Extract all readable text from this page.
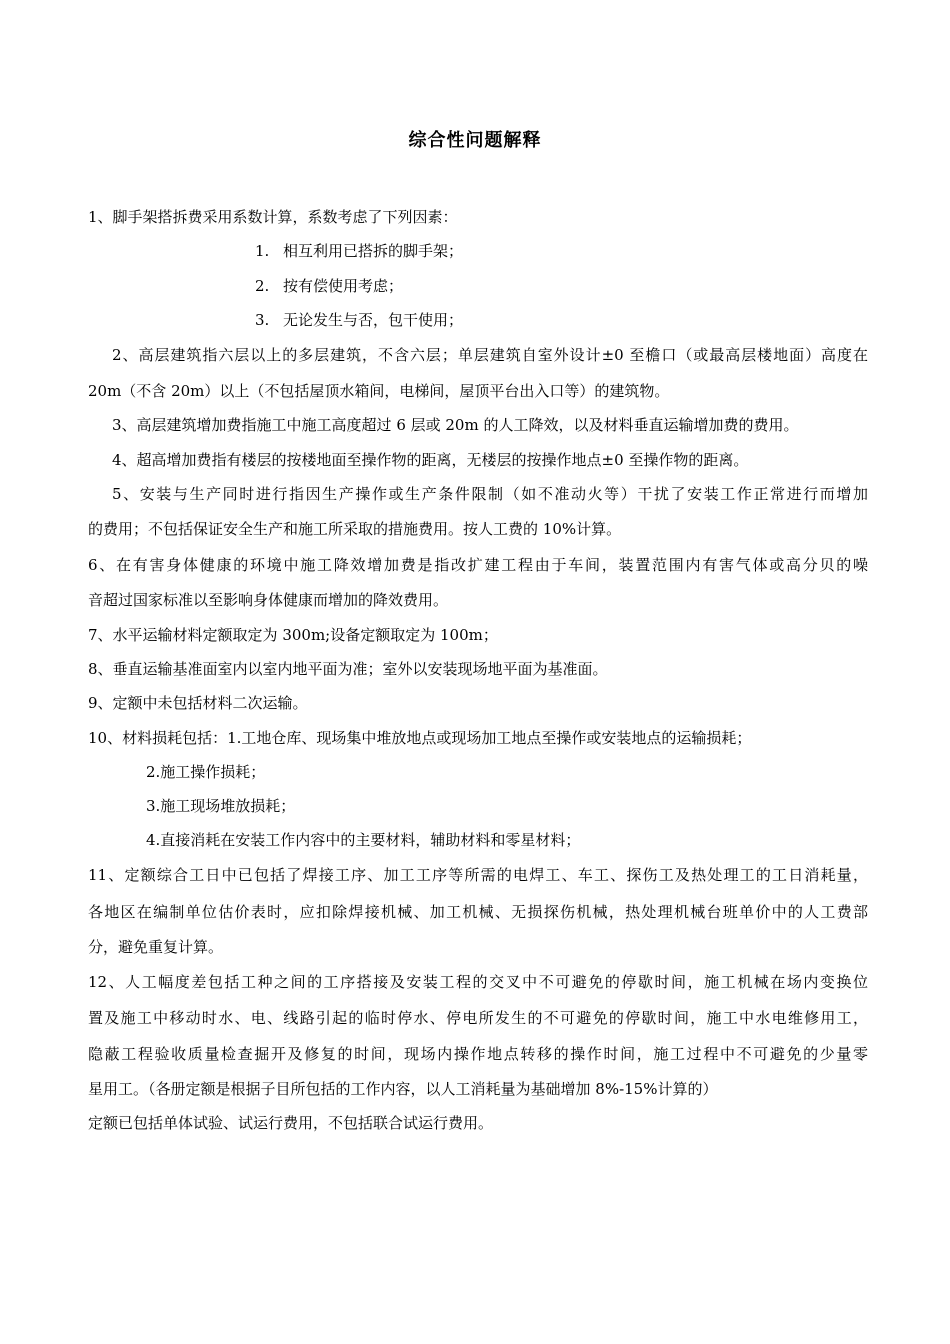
综合性问题解释
1、脚手架搭拆费采用系数计算，系数考虑了下列因素：
1. 相互利用已搭拆的脚手架；
2. 按有偿使用考虑；
3. 无论发生与否，包干使用；
2、高层建筑指六层以上的多层建筑，不含六层；单层建筑自室外设计±0 至檐口（或最高层楼地面）高度在
20m（不含 20m）以上（不包括屋顶水箱间，电梯间，屋顶平台出入口等）的建筑物。
3、高层建筑增加费指施工中施工高度超过 6 层或 20m 的人工降效，以及材料垂直运输增加费的费用。
4、超高增加费指有楼层的按楼地面至操作物的距离，无楼层的按操作地点±0 至操作物的距离。
5、安装与生产同时进行指因生产操作或生产条件限制（如不准动火等）干扰了安装工作正常进行而增加
的费用；不包括保证安全生产和施工所采取的措施费用。按人工费的 10%计算。
6、在有害身体健康的环境中施工降效增加费是指改扩建工程由于车间，装置范围内有害气体或高分贝的噪
音超过国家标准以至影响身体健康而增加的降效费用。
7、水平运输材料定额取定为 300m;设备定额取定为 100m；
8、垂直运输基准面室内以室内地平面为准；室外以安装现场地平面为基准面。
9、定额中未包括材料二次运输。
10、材料损耗包括：1.工地仓库、现场集中堆放地点或现场加工地点至操作或安装地点的运输损耗；
2.施工操作损耗；
3.施工现场堆放损耗；
4.直接消耗在安装工作内容中的主要材料，辅助材料和零星材料；
11、定额综合工日中已包括了焊接工序、加工工序等所需的电焊工、车工、探伤工及热处理工的工日消耗量，
各地区在编制单位估价表时，应扣除焊接机械、加工机械、无损探伤机械，热处理机械台班单价中的人工费部
分，避免重复计算。
12、人工幅度差包括工种之间的工序搭接及安装工程的交叉中不可避免的停歇时间，施工机械在场内变换位
置及施工中移动时水、电、线路引起的临时停水、停电所发生的不可避免的停歇时间，施工中水电维修用工，
隐蔽工程验收质量检查掘开及修复的时间，现场内操作地点转移的操作时间，施工过程中不可避免的少量零
星用工。（各册定额是根据子目所包括的工作内容，以人工消耗量为基础增加 8%-15%计算的）
定额已包括单体试验、试运行费用，不包括联合试运行费用。
